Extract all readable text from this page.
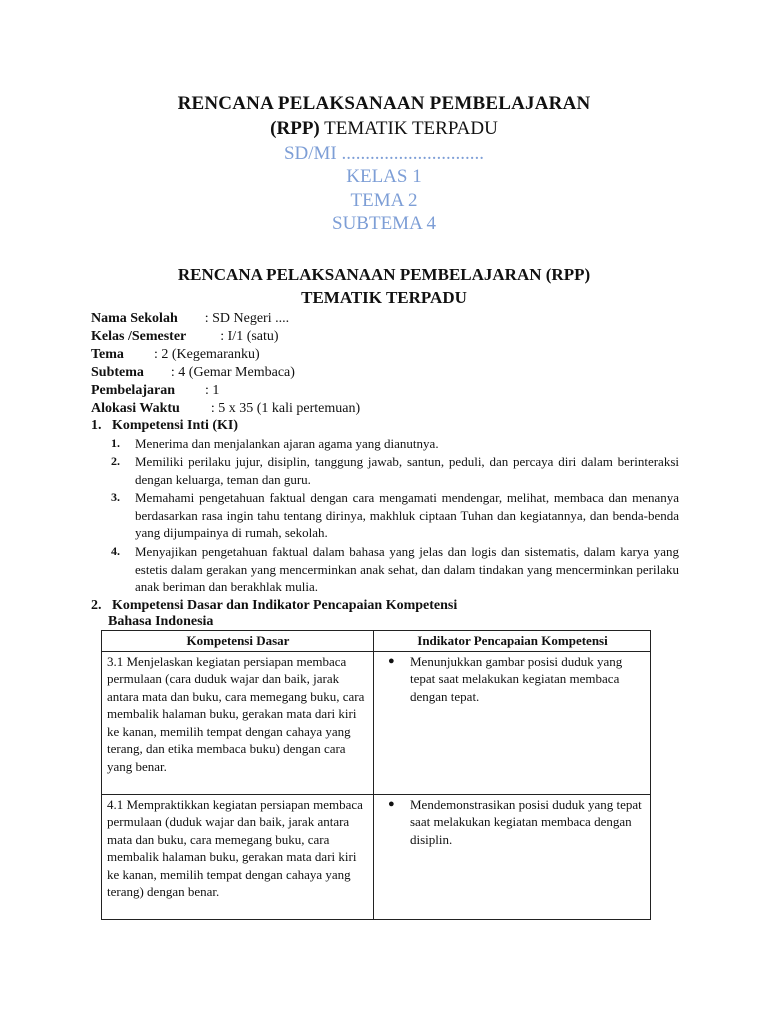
RENCANA PELAKSANAAN PEMBELAJARAN
(RPP) TEMATIK TERPADU
SD/MI ..............................
KELAS 1
TEMA 2
SUBTEMA 4
RENCANA PELAKSANAAN PEMBELAJARAN (RPP)
TEMATIK TERPADU
Nama Sekolah : SD Negeri ....
Kelas /Semester : I/1 (satu)
Tema : 2 (Kegemaranku)
Subtema : 4 (Gemar Membaca)
Pembelajaran : 1
Alokasi Waktu : 5 x 35 (1 kali pertemuan)
1.   Kompetensi Inti (KI)
1. Menerima dan menjalankan ajaran agama yang dianutnya.
2. Memiliki perilaku jujur, disiplin, tanggung jawab, santun, peduli, dan percaya diri dalam berinteraksi dengan keluarga, teman dan guru.
3. Memahami pengetahuan faktual dengan cara mengamati mendengar, melihat, membaca dan menanya berdasarkan rasa ingin tahu tentang dirinya, makhluk ciptaan Tuhan dan kegiatannya, dan benda-benda yang dijumpainya di rumah, sekolah.
4. Menyajikan pengetahuan faktual dalam bahasa yang jelas dan logis dan sistematis, dalam karya yang estetis dalam gerakan yang mencerminkan anak sehat, dan dalam tindakan yang mencerminkan perilaku anak beriman dan berakhlak mulia.
2.   Kompetensi Dasar dan Indikator Pencapaian Kompetensi
Bahasa Indonesia
Kompetensi Dasar	Indikator Pencapaian Kompetensi
3.1 Menjelaskan kegiatan persiapan membaca permulaan (cara duduk wajar dan baik, jarak antara mata dan buku, cara memegang buku, cara membalik halaman buku, gerakan mata dari kiri ke kanan, memilih tempat dengan cahaya yang terang, dan etika membaca buku) dengan cara yang benar.	● Menunjukkan gambar posisi duduk yang tepat saat melakukan kegiatan membaca dengan tepat.
4.1 Mempraktikkan kegiatan persiapan membaca permulaan (duduk wajar dan baik, jarak antara mata dan buku, cara memegang buku, cara membalik halaman buku, gerakan mata dari kiri ke kanan, memilih tempat dengan cahaya yang terang) dengan benar.	● Mendemonstrasikan posisi duduk yang tepat saat melakukan kegiatan membaca dengan disiplin.
